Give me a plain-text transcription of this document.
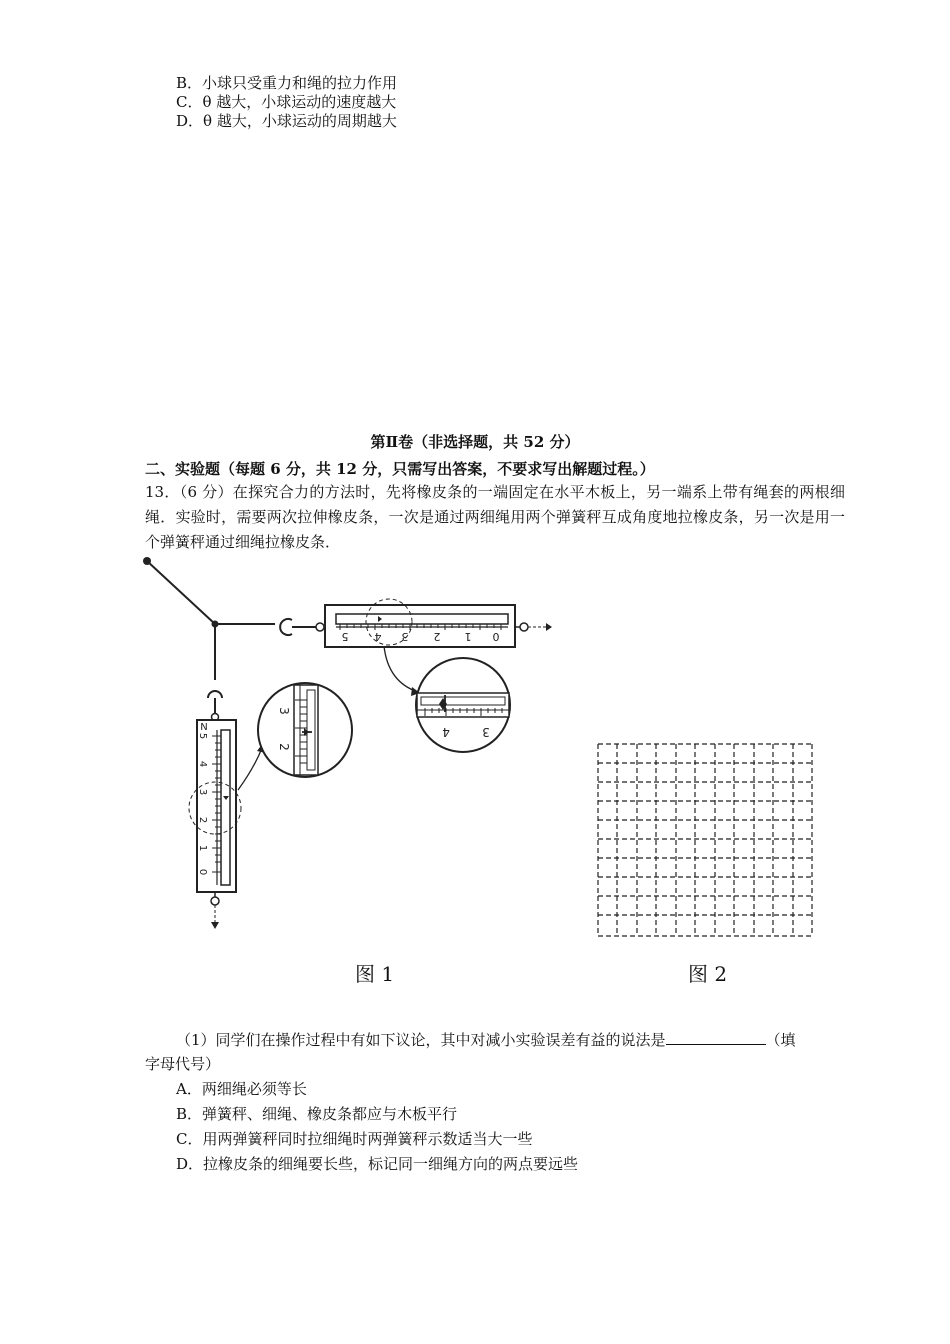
B．小球只受重力和绳的拉力作用
C．θ 越大，小球运动的速度越大
D．θ 越大，小球运动的周期越大
第Ⅱ卷（非选择题，共 52 分）
二、实验题（每题 6 分，共 12 分，只需写出答案，不要求写出解题过程。）
13．（6 分）在探究合力的方法时，先将橡皮条的一端固定在水平木板上，另一端系上带有绳套的两根细绳．实验时，需要两次拉伸橡皮条，一次是通过两细绳用两个弹簧秤互成角度地拉橡皮条，另一次是用一个弹簧秤通过细绳拉橡皮条．
5 4 3 2 1 0
4	3
N
5
4
3
2
1
0
3
2
图 1	图 2
（1）同学们在操作过程中有如下议论，其中对减小实验误差有益的说法是	（填
字母代号）
A．两细绳必须等长
B．弹簧秤、细绳、橡皮条都应与木板平行
C．用两弹簧秤同时拉细绳时两弹簧秤示数适当大一些
D．拉橡皮条的细绳要长些，标记同一细绳方向的两点要远些
